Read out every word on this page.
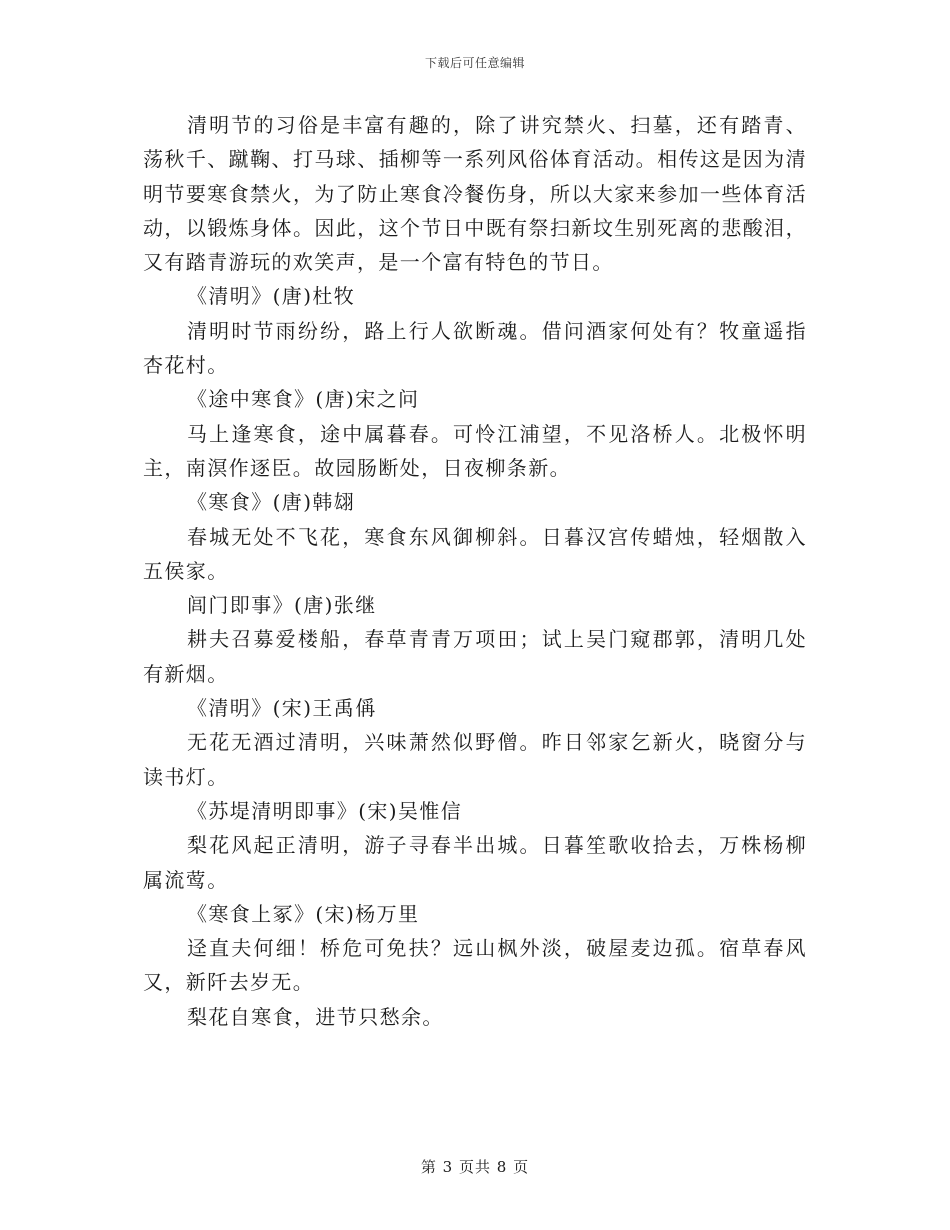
下载后可任意编辑

清明节的习俗是丰富有趣的，除了讲究禁火、扫墓，还有踏青、荡秋千、蹴鞠、打马球、插柳等一系列风俗体育活动。相传这是因为清明节要寒食禁火，为了防止寒食冷餐伤身，所以大家来参加一些体育活动，以锻炼身体。因此，这个节日中既有祭扫新坟生别死离的悲酸泪，又有踏青游玩的欢笑声，是一个富有特色的节日。

《清明》(唐)杜牧

清明时节雨纷纷，路上行人欲断魂。借问酒家何处有？牧童遥指杏花村。

《途中寒食》(唐)宋之问

马上逢寒食，途中属暮春。可怜江浦望，不见洛桥人。北极怀明主，南溟作逐臣。故园肠断处，日夜柳条新。

《寒食》(唐)韩翃

春城无处不飞花，寒食东风御柳斜。日暮汉宫传蜡烛，轻烟散入五侯家。

闾门即事》(唐)张继

耕夫召募爱楼船，春草青青万项田；试上吴门窥郡郭，清明几处有新烟。

《清明》(宋)王禹偁

无花无酒过清明，兴味萧然似野僧。昨日邻家乞新火，晓窗分与读书灯。

《苏堤清明即事》(宋)吴惟信

梨花风起正清明，游子寻春半出城。日暮笙歌收拾去，万株杨柳属流莺。

《寒食上冢》(宋)杨万里

迳直夫何细！桥危可免扶？远山枫外淡，破屋麦边孤。宿草春风又，新阡去岁无。

梨花自寒食，进节只愁余。

第 3 页共 8 页
